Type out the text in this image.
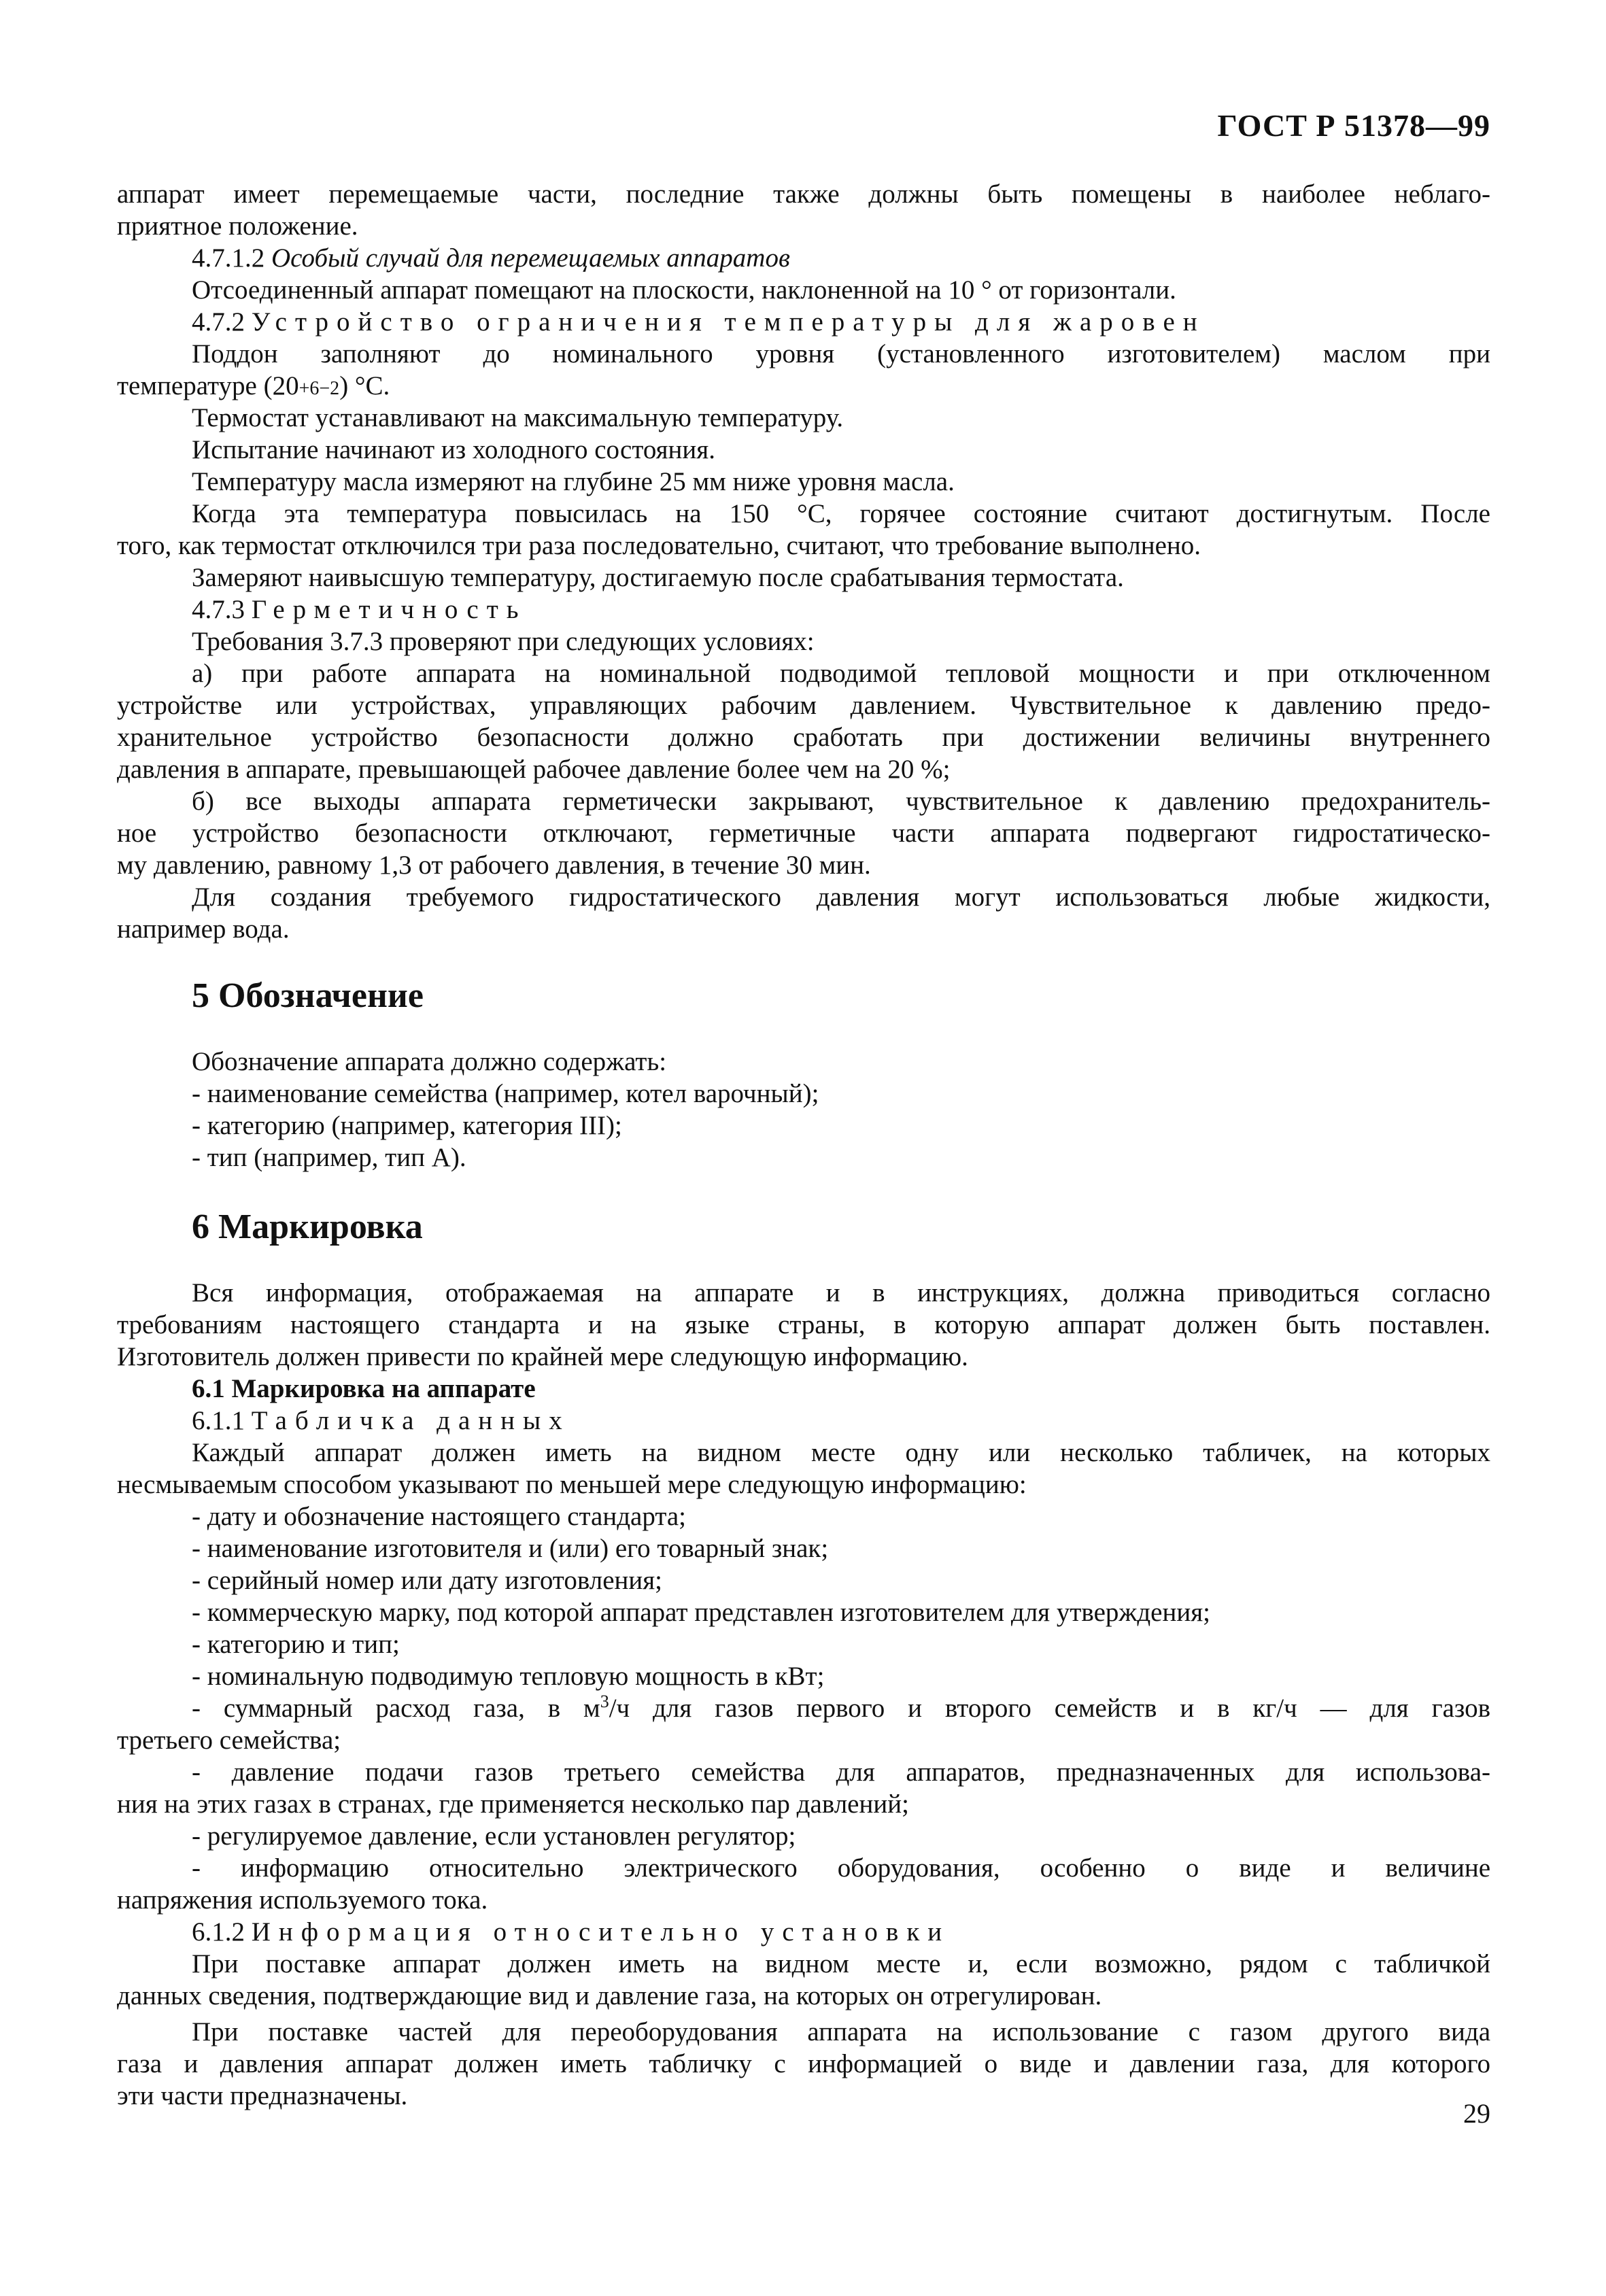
ГОСТ Р 51378—99
аппарат имеет перемещаемые части, последние также должны быть помещены в наиболее неблаго-
приятное положение.
4.7.1.2 Особый случай для перемещаемых аппаратов
Отсоединенный аппарат помещают на плоскости, наклоненной на 10 ° от горизонтали.
4.7.2 Устройство ограничения температуры для жаровен
Поддон заполняют до номинального уровня (установленного изготовителем) маслом при
температуре (20+6−2) °С.
Термостат устанавливают на максимальную температуру.
Испытание начинают из холодного состояния.
Температуру масла измеряют на глубине 25 мм ниже уровня масла.
Когда эта температура повысилась на 150 °С, горячее состояние считают достигнутым. После
того, как термостат отключился три раза последовательно, считают, что требование выполнено.
Замеряют наивысшую температуру, достигаемую после срабатывания термостата.
4.7.3 Герметичность
Требования 3.7.3 проверяют при следующих условиях:
а) при работе аппарата на номинальной подводимой тепловой мощности и при отключенном
устройстве или устройствах, управляющих рабочим давлением. Чувствительное к давлению предо-
хранительное устройство безопасности должно сработать при достижении величины внутреннего
давления в аппарате, превышающей рабочее давление более чем на 20 %;
б) все выходы аппарата герметически закрывают, чувствительное к давлению предохранитель-
ное устройство безопасности отключают, герметичные части аппарата подвергают гидростатическо-
му давлению, равному 1,3 от рабочего давления, в течение 30 мин.
Для создания требуемого гидростатического давления могут использоваться любые жидкости,
например вода.
5 Обозначение
Обозначение аппарата должно содержать:
- наименование семейства (например, котел варочный);
- категорию (например, категория III);
- тип (например, тип А).
6 Маркировка
Вся информация, отображаемая на аппарате и в инструкциях, должна приводиться согласно
требованиям настоящего стандарта и на языке страны, в которую аппарат должен быть поставлен.
Изготовитель должен привести по крайней мере следующую информацию.
6.1 Маркировка на аппарате
6.1.1 Табличка данных
Каждый аппарат должен иметь на видном месте одну или несколько табличек, на которых
несмываемым способом указывают по меньшей мере следующую информацию:
- дату и обозначение настоящего стандарта;
- наименование изготовителя и (или) его товарный знак;
- серийный номер или дату изготовления;
- коммерческую марку, под которой аппарат представлен изготовителем для утверждения;
- категорию и тип;
- номинальную подводимую тепловую мощность в кВт;
- суммарный расход газа, в $м^3/ч$ для газов первого и второго семейств и в кг/ч — для газов
третьего семейства;
- давление подачи газов третьего семейства для аппаратов, предназначенных для использова-
ния на этих газах в странах, где применяется несколько пар давлений;
- регулируемое давление, если установлен регулятор;
- информацию относительно электрического оборудования, особенно о виде и величине
напряжения используемого тока.
6.1.2 Информация относительно установки
При поставке аппарат должен иметь на видном месте и, если возможно, рядом с табличкой
данных сведения, подтверждающие вид и давление газа, на которых он отрегулирован.
При поставке частей для переоборудования аппарата на использование с газом другого вида
газа и давления аппарат должен иметь табличку с информацией о виде и давлении газа, для которого
эти части предназначены.
29
